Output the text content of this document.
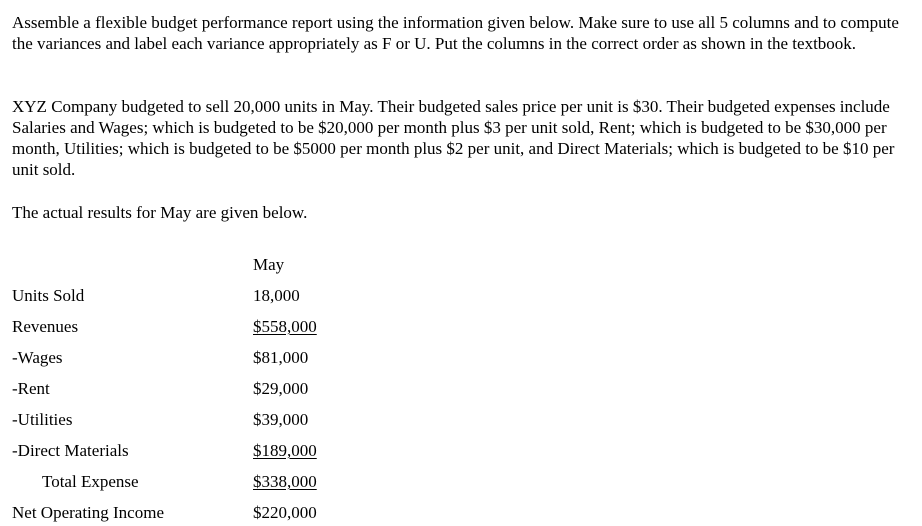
Assemble a flexible budget performance report using the information given below. Make sure to use all 5 columns and to compute the variances and label each variance appropriately as F or U. Put the columns in the correct order as shown in the textbook.

XYZ Company budgeted to sell 20,000 units in May. Their budgeted sales price per unit is $30. Their budgeted expenses include Salaries and Wages; which is budgeted to be $20,000 per month plus $3 per unit sold, Rent; which is budgeted to be $30,000 per month, Utilities; which is budgeted to be $5000 per month plus $2 per unit, and Direct Materials; which is budgeted to be $10 per unit sold.

The actual results for May are given below.

May
Units Sold	18,000
Revenues	$558,000
-Wages	$81,000
-Rent	$29,000
-Utilities	$39,000
-Direct Materials	$189,000
Total Expense	$338,000
Net Operating Income	$220,000
